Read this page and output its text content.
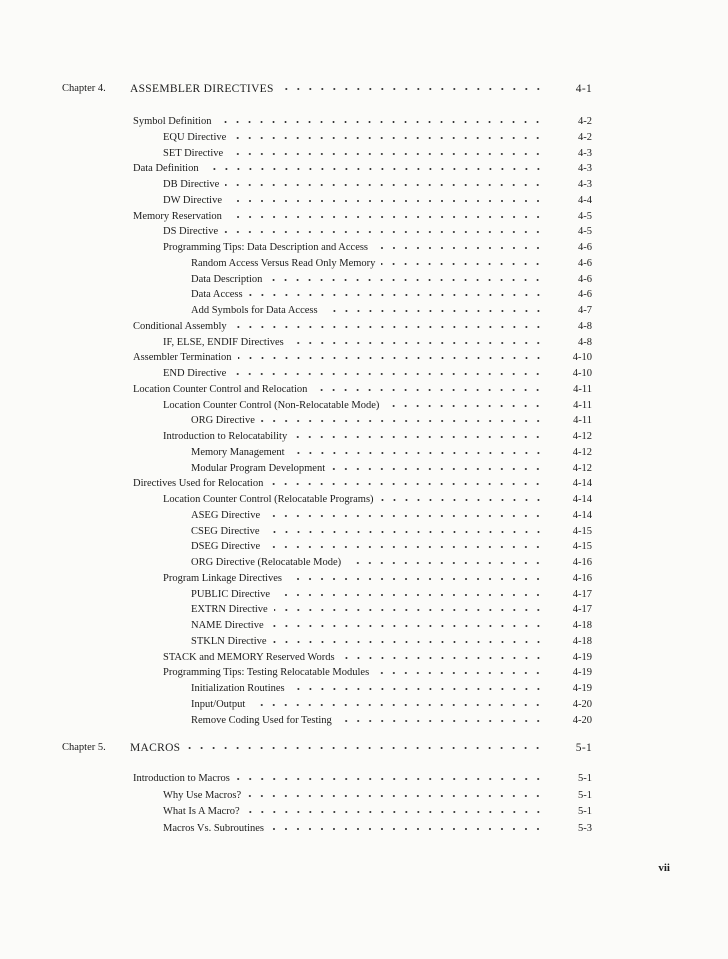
Chapter 4.	ASSEMBLER DIRECTIVES	4-1
Symbol Definition	4-2
EQU Directive	4-2
SET Directive	4-3
Data Definition	4-3
DB Directive	4-3
DW Directive	4-4
Memory Reservation	4-5
DS Directive	4-5
Programming Tips: Data Description and Access	4-6
Random Access Versus Read Only Memory	4-6
Data Description	4-6
Data Access	4-6
Add Symbols for Data Access	4-7
Conditional Assembly	4-8
IF, ELSE, ENDIF Directives	4-8
Assembler Termination	4-10
END Directive	4-10
Location Counter Control and Relocation	4-11
Location Counter Control (Non-Relocatable Mode)	4-11
ORG Directive	4-11
Introduction to Relocatability	4-12
Memory Management	4-12
Modular Program Development	4-12
Directives Used for Relocation	4-14
Location Counter Control (Relocatable Programs)	4-14
ASEG Directive	4-14
CSEG Directive	4-15
DSEG Directive	4-15
ORG Directive (Relocatable Mode)	4-16
Program Linkage Directives	4-16
PUBLIC Directive	4-17
EXTRN Directive	4-17
NAME Directive	4-18
STKLN Directive	4-18
STACK and MEMORY Reserved Words	4-19
Programming Tips: Testing Relocatable Modules	4-19
Initialization Routines	4-19
Input/Output	4-20
Remove Coding Used for Testing	4-20
Chapter 5.	MACROS	5-1
Introduction to Macros	5-1
Why Use Macros?	5-1
What Is A Macro?	5-1
Macros Vs. Subroutines	5-3
vii
